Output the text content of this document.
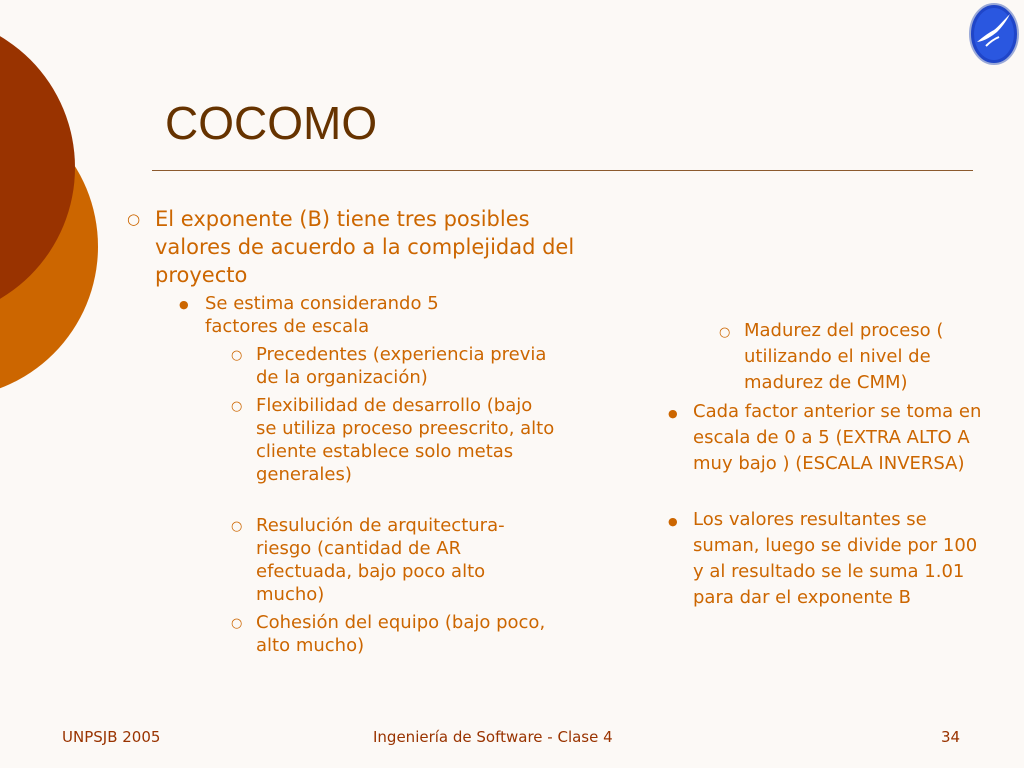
COCOMO
○ El exponente (B) tiene tres posibles valores de acuerdo a la complejidad del proyecto
● Se estima considerando 5 factores de escala
○ Precedentes (experiencia previa de la organización)
○ Flexibilidad de desarrollo (bajo se utiliza proceso preescrito, alto cliente establece solo metas generales)
○ Resulución de arquitectura-riesgo (cantidad de AR efectuada, bajo poco alto mucho)
○ Cohesión del equipo (bajo poco, alto mucho)
○ Madurez del proceso ( utilizando el nivel de madurez de CMM)
● Cada factor anterior se toma en escala de 0 a 5 (EXTRA ALTO A muy bajo ) (ESCALA INVERSA)
● Los valores resultantes se suman, luego se divide por 100 y al resultado se le suma 1.01 para dar el exponente B
UNPSJB 2005	Ingeniería de Software - Clase 4	34
